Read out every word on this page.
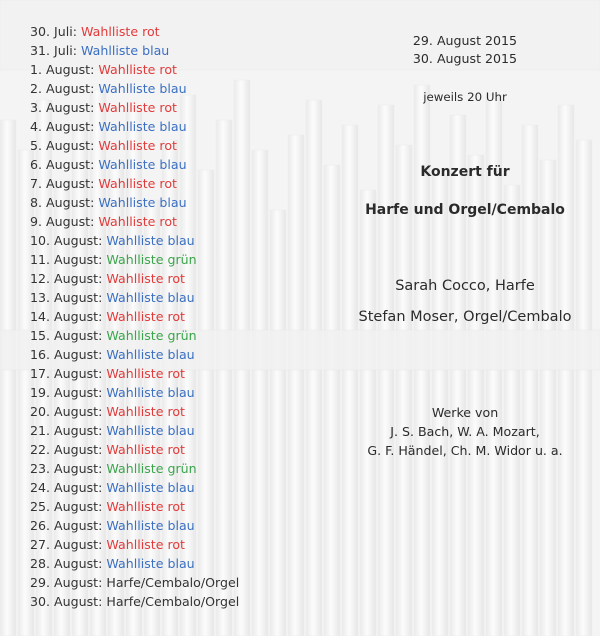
30. Juli: Wahlliste rot
31. Juli: Wahlliste blau
1. August: Wahlliste rot
2. August: Wahlliste blau
3. August: Wahlliste rot
4. August: Wahlliste blau
5. August: Wahlliste rot
6. August: Wahlliste blau
7. August: Wahlliste rot
8. August: Wahlliste blau
9. August: Wahlliste rot
10. August: Wahlliste blau
11. August: Wahlliste grün
12. August: Wahlliste rot
13. August: Wahlliste blau
14. August: Wahlliste rot
15. August: Wahlliste grün
16. August: Wahlliste blau
17. August: Wahlliste rot
19. August: Wahlliste blau
20. August: Wahlliste rot
21. August: Wahlliste blau
22. August: Wahlliste rot
23. August: Wahlliste grün
24. August: Wahlliste blau
25. August: Wahlliste rot
26. August: Wahlliste blau
27. August: Wahlliste rot
28. August: Wahlliste blau
29. August: Harfe/Cembalo/Orgel
30. August: Harfe/Cembalo/Orgel
29. August 2015
30. August 2015
jeweils 20 Uhr
Konzert für
Harfe und Orgel/Cembalo
Sarah Cocco, Harfe
Stefan Moser, Orgel/Cembalo
Werke von
J. S. Bach, W. A. Mozart,
G. F. Händel, Ch. M. Widor u. a.
